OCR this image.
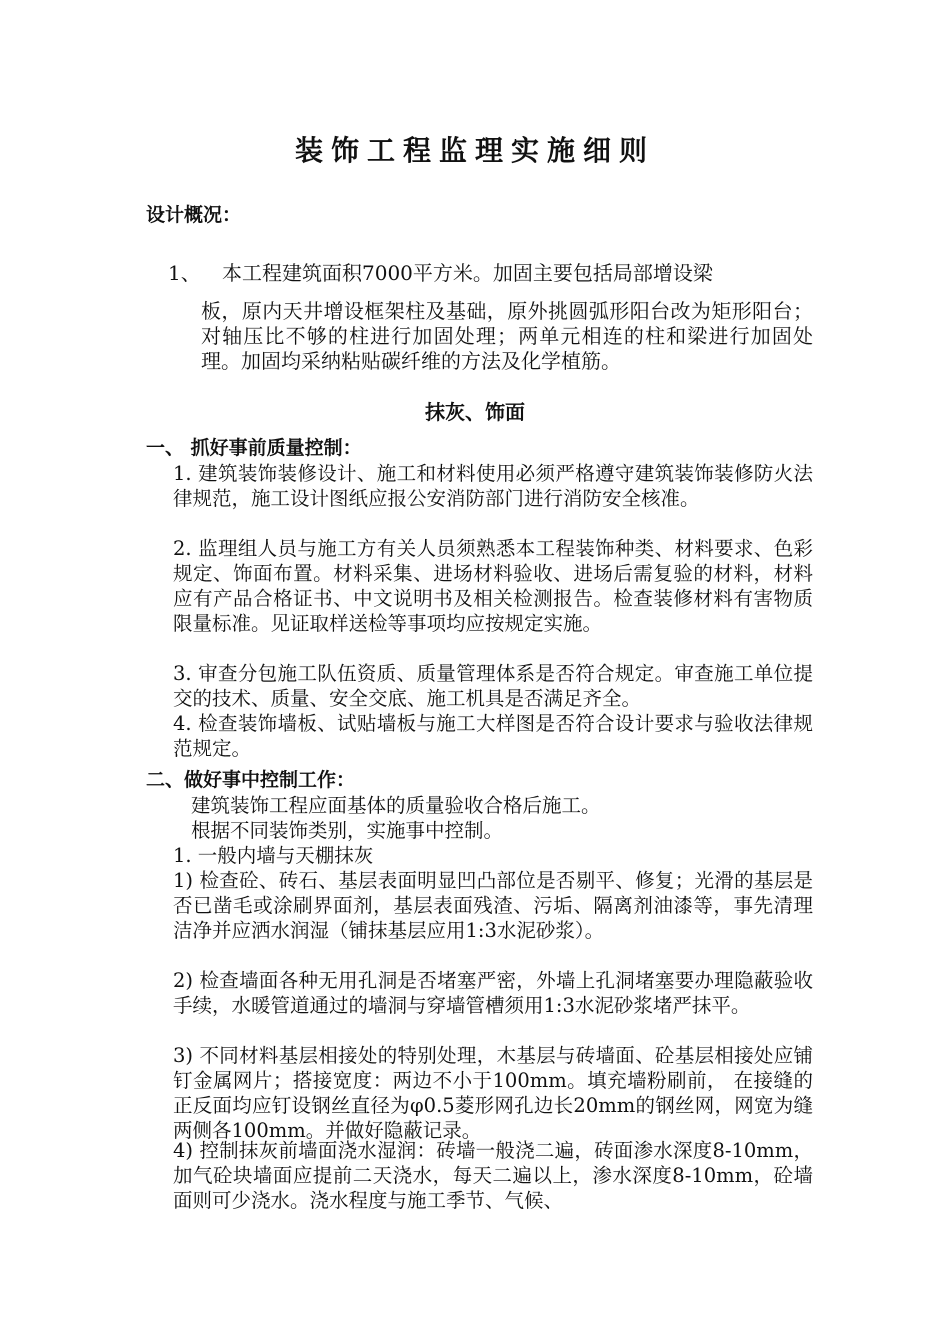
装饰工程监理实施细则
设计概况：
1、 本工程建筑面积7000平方米。加固主要包括局部增设梁
板，原内天井增设框架柱及基础，原外挑圆弧形阳台改为矩形阳台；对轴压比不够的柱进行加固处理；两单元相连的柱和梁进行加固处理。加固均采纳粘贴碳纤维的方法及化学植筋。
抹灰、饰面
一、 抓好事前质量控制：
1. 建筑装饰装修设计、施工和材料使用必须严格遵守建筑装饰装修防火法律规范，施工设计图纸应报公安消防部门进行消防安全核准。
2. 监理组人员与施工方有关人员须熟悉本工程装饰种类、材料要求、色彩规定、饰面布置。材料采集、进场材料验收、进场后需复验的材料，材料应有产品合格证书、中文说明书及相关检测报告。检查装修材料有害物质限量标准。见证取样送检等事项均应按规定实施。
3. 审查分包施工队伍资质、质量管理体系是否符合规定。审查施工单位提交的技术、质量、安全交底、施工机具是否满足齐全。
4. 检查装饰墙板、试贴墙板与施工大样图是否符合设计要求与验收法律规范规定。
二、做好事中控制工作：
建筑装饰工程应面基体的质量验收合格后施工。
根据不同装饰类别，实施事中控制。
1. 一般内墙与天棚抹灰
1) 检查砼、砖石、基层表面明显凹凸部位是否剔平、修复；光滑的基层是否已凿毛或涂刷界面剂，基层表面残渣、污垢、隔离剂油漆等，事先清理洁净并应洒水润湿（铺抹基层应用1:3水泥砂浆）。
2) 检查墙面各种无用孔洞是否堵塞严密，外墙上孔洞堵塞要办理隐蔽验收手续，水暖管道通过的墙洞与穿墙管槽须用1:3水泥砂浆堵严抹平。
3) 不同材料基层相接处的特别处理，木基层与砖墙面、砼基层相接处应铺钉金属网片；搭接宽度：两边不小于100mm。填充墙粉刷前， 在接缝的正反面均应钉设钢丝直径为φ0.5菱形网孔边长20mm的钢丝网，网宽为缝两侧各100mm。并做好隐蔽记录。
4) 控制抹灰前墙面浇水湿润：砖墙一般浇二遍，砖面渗水深度8-10mm，加气砼块墙面应提前二天浇水，每天二遍以上，渗水深度8-10mm，砼墙面则可少浇水。浇水程度与施工季节、气候、
